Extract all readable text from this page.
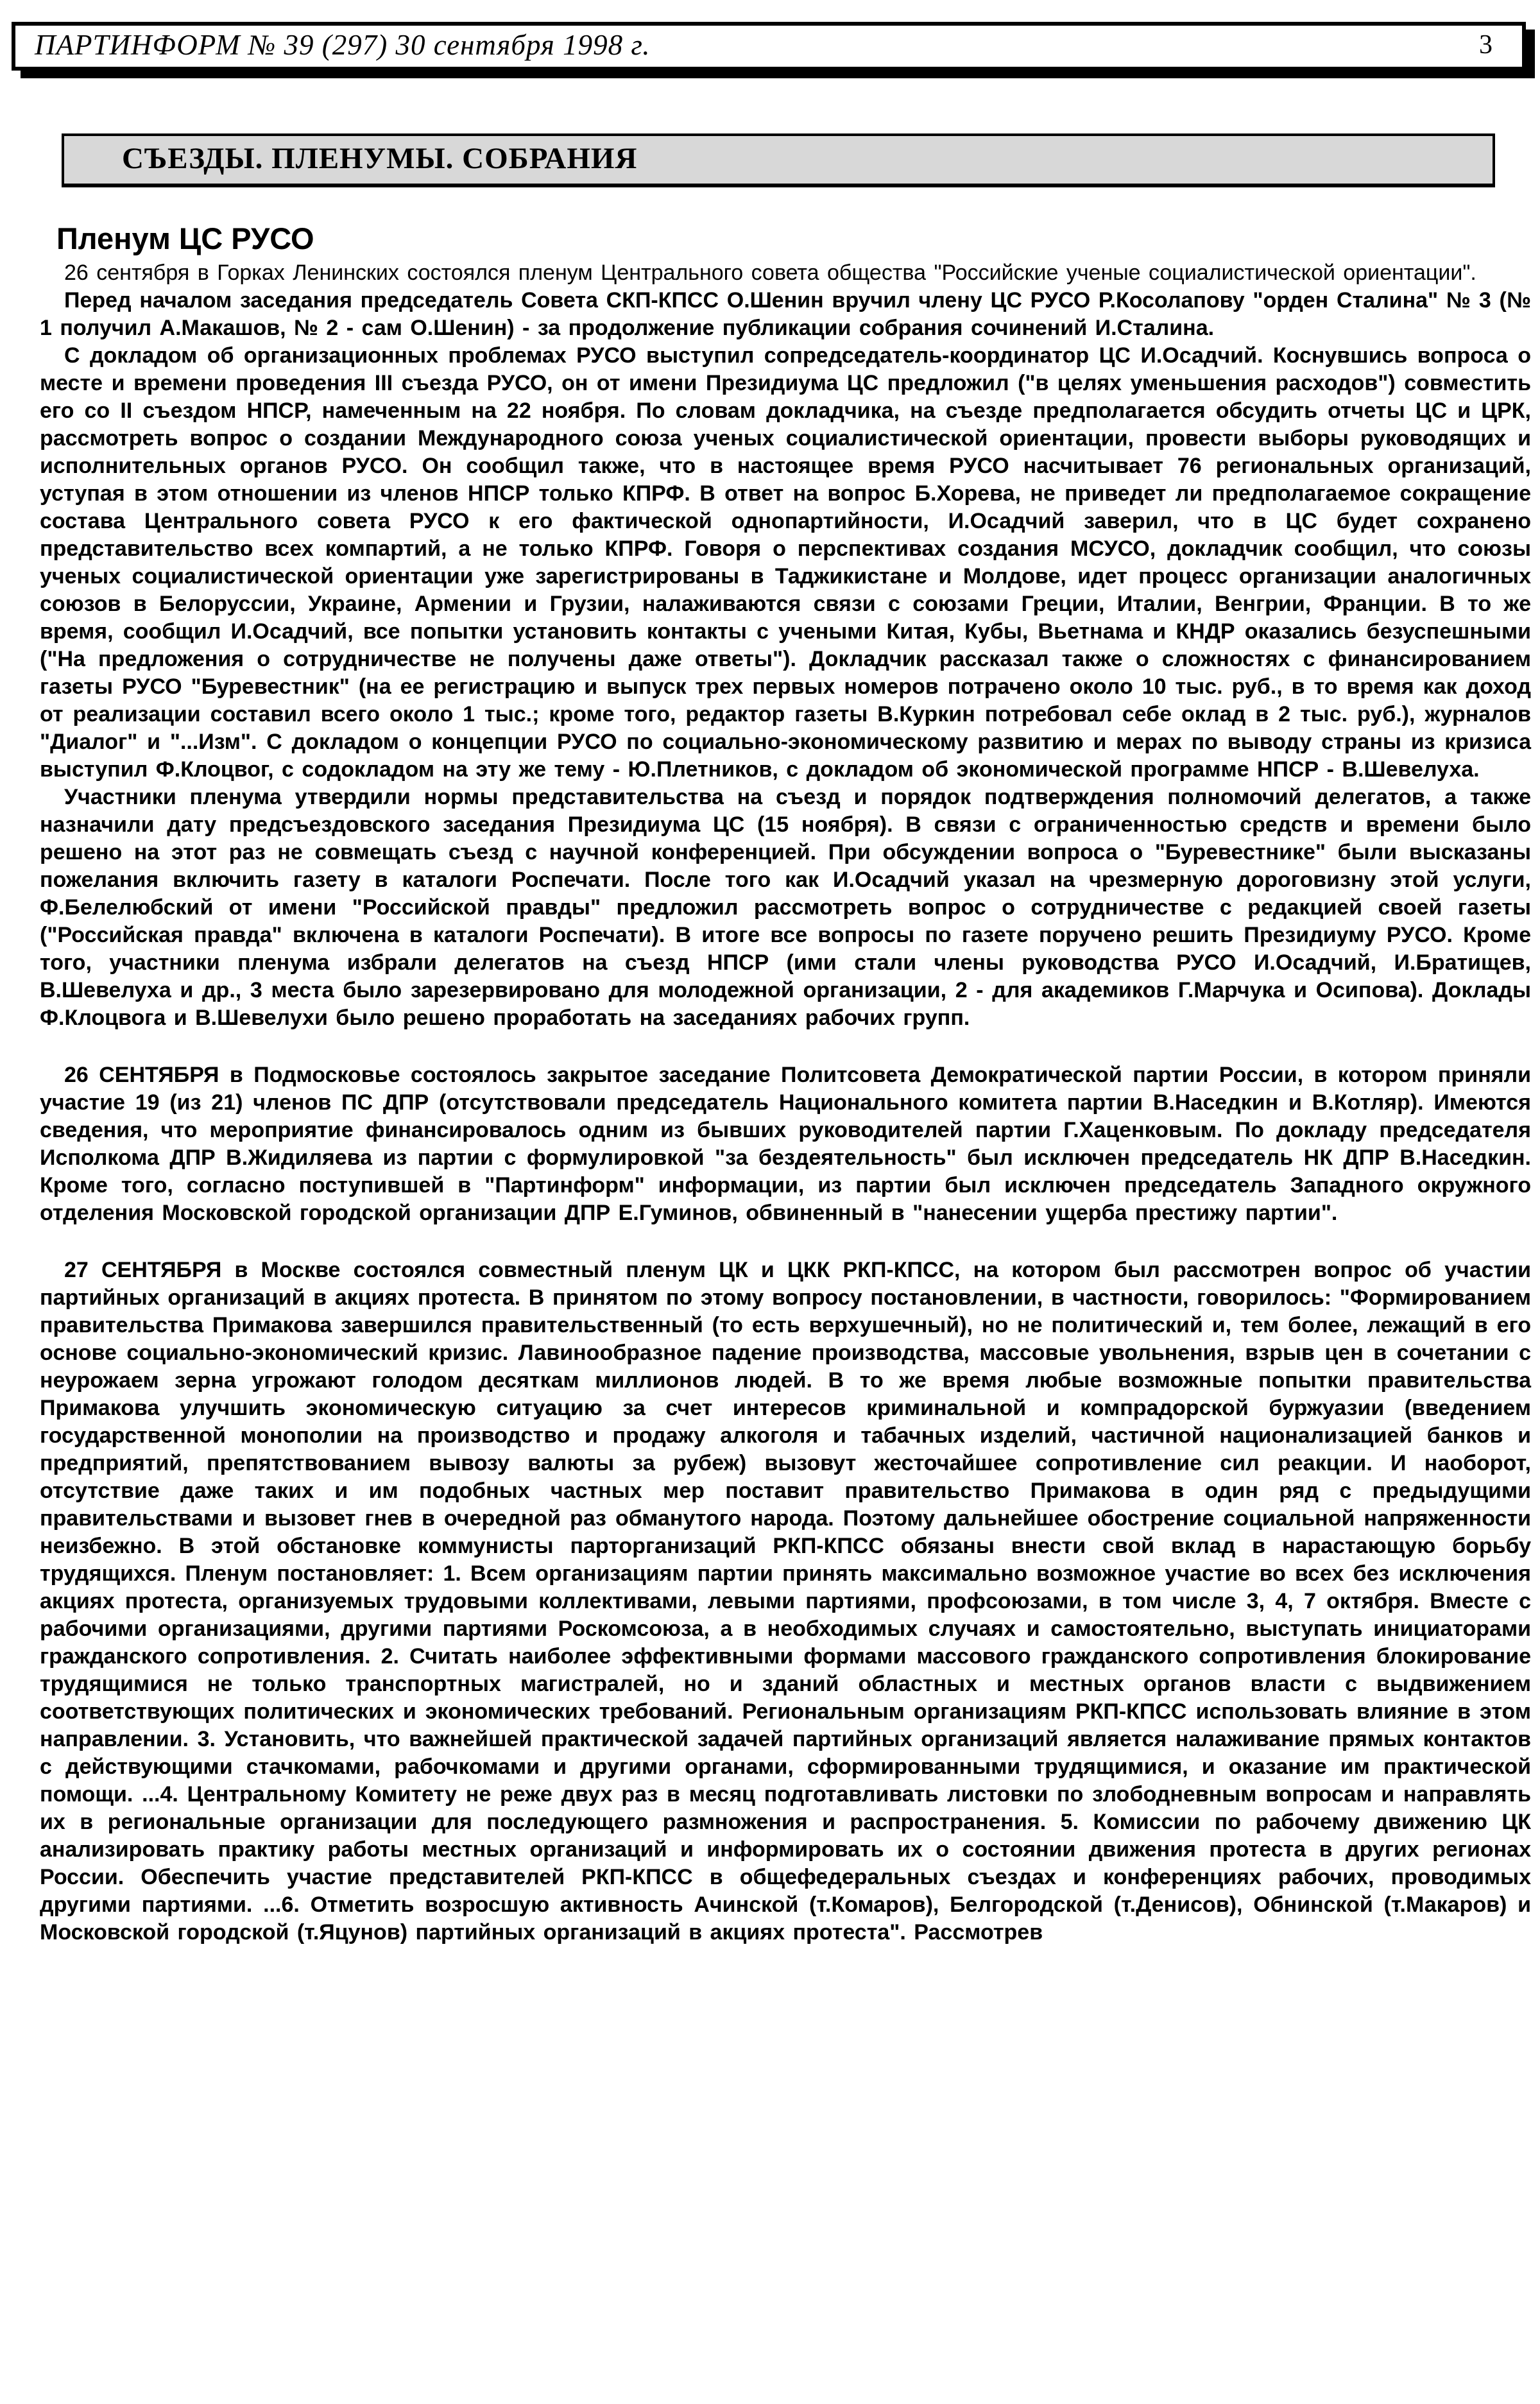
ПАРТИНФОРМ № 39 (297) 30 сентября 1998 г.	3
СЪЕЗДЫ. ПЛЕНУМЫ. СОБРАНИЯ
Пленум ЦС РУСО

26 сентября в Горках Ленинских состоялся пленум Центрального совета общества "Российские ученые социалистической ориентации".

Перед началом заседания председатель Совета СКП-КПСС О.Шенин вручил члену ЦС РУСО Р.Косолапову "орден Сталина" № 3 (№ 1 получил А.Макашов, № 2 - сам О.Шенин) - за продолжение публикации собрания сочинений И.Сталина.

С докладом об организационных проблемах РУСО выступил сопредседатель-координатор ЦС И.Осадчий. Коснувшись вопроса о месте и времени проведения III съезда РУСО, он от имени Президиума ЦС предложил ("в целях уменьшения расходов") совместить его со II съездом НПСР, намеченным на 22 ноября. По словам докладчика, на съезде предполагается обсудить отчеты ЦС и ЦРК, рассмотреть вопрос о создании Международного союза ученых социалистической ориентации, провести выборы руководящих и исполнительных органов РУСО. Он сообщил также, что в настоящее время РУСО насчитывает 76 региональных организаций, уступая в этом отношении из членов НПСР только КПРФ. В ответ на вопрос Б.Хорева, не приведет ли предполагаемое сокращение состава Центрального совета РУСО к его фактической однопартийности, И.Осадчий заверил, что в ЦС будет сохранено представительство всех компартий, а не только КПРФ. Говоря о перспективах создания МСУСО, докладчик сообщил, что союзы ученых социалистической ориентации уже зарегистрированы в Таджикистане и Молдове, идет процесс организации аналогичных союзов в Белоруссии, Украине, Армении и Грузии, налаживаются связи с союзами Греции, Италии, Венгрии, Франции. В то же время, сообщил И.Осадчий, все попытки установить контакты с учеными Китая, Кубы, Вьетнама и КНДР оказались безуспешными ("На предложения о сотрудничестве не получены даже ответы"). Докладчик рассказал также о сложностях с финансированием газеты РУСО "Буревестник" (на ее регистрацию и выпуск трех первых номеров потрачено около 10 тыс. руб., в то время как доход от реализации составил всего около 1 тыс.; кроме того, редактор газеты В.Куркин потребовал себе оклад в 2 тыс. руб.), журналов "Диалог" и "...Изм". С докладом о концепции РУСО по социально-экономическому развитию и мерах по выводу страны из кризиса выступил Ф.Клоцвог, с содокладом на эту же тему - Ю.Плетников, с докладом об экономической программе НПСР - В.Шевелуха.

Участники пленума утвердили нормы представительства на съезд и порядок подтверждения полномочий делегатов, а также назначили дату предсъездовского заседания Президиума ЦС (15 ноября). В связи с ограниченностью средств и времени было решено на этот раз не совмещать съезд с научной конференцией. При обсуждении вопроса о "Буревестнике" были высказаны пожелания включить газету в каталоги Роспечати. После того как И.Осадчий указал на чрезмерную дороговизну этой услуги, Ф.Белелюбский от имени "Российской правды" предложил рассмотреть вопрос о сотрудничестве с редакцией своей газеты ("Российская правда" включена в каталоги Роспечати). В итоге все вопросы по газете поручено решить Президиуму РУСО. Кроме того, участники пленума избрали делегатов на съезд НПСР (ими стали члены руководства РУСО И.Осадчий, И.Братищев, В.Шевелуха и др., 3 места было зарезервировано для молодежной организации, 2 - для академиков Г.Марчука и Осипова). Доклады Ф.Клоцвога и В.Шевелухи было решено проработать на заседаниях рабочих групп.

26 СЕНТЯБРЯ в Подмосковье состоялось закрытое заседание Политсовета Демократической партии России, в котором приняли участие 19 (из 21) членов ПС ДПР (отсутствовали председатель Национального комитета партии В.Наседкин и В.Котляр). Имеются сведения, что мероприятие финансировалось одним из бывших руководителей партии Г.Хаценковым. По докладу председателя Исполкома ДПР В.Жидиляева из партии с формулировкой "за бездеятельность" был исключен председатель НК ДПР В.Наседкин. Кроме того, согласно поступившей в "Партинформ" информации, из партии был исключен председатель Западного окружного отделения Московской городской организации ДПР Е.Гуминов, обвиненный в "нанесении ущерба престижу партии".

27 СЕНТЯБРЯ в Москве состоялся совместный пленум ЦК и ЦКК РКП-КПСС, на котором был рассмотрен вопрос об участии партийных организаций в акциях протеста. В принятом по этому вопросу постановлении, в частности, говорилось: "Формированием правительства Примакова завершился правительственный (то есть верхушечный), но не политический и, тем более, лежащий в его основе социально-экономический кризис. Лавинообразное падение производства, массовые увольнения, взрыв цен в сочетании с неурожаем зерна угрожают голодом десяткам миллионов людей. В то же время любые возможные попытки правительства Примакова улучшить экономическую ситуацию за счет интересов криминальной и компрадорской буржуазии (введением государственной монополии на производство и продажу алкоголя и табачных изделий, частичной национализацией банков и предприятий, препятствованием вывозу валюты за рубеж) вызовут жесточайшее сопротивление сил реакции. И наоборот, отсутствие даже таких и им подобных частных мер поставит правительство Примакова в один ряд с предыдущими правительствами и вызовет гнев в очередной раз обманутого народа. Поэтому дальнейшее обострение социальной напряженности неизбежно. В этой обстановке коммунисты парторганизаций РКП-КПСС обязаны внести свой вклад в нарастающую борьбу трудящихся. Пленум постановляет: 1. Всем организациям партии принять максимально возможное участие во всех без исключения акциях протеста, организуемых трудовыми коллективами, левыми партиями, профсоюзами, в том числе 3, 4, 7 октября. Вместе с рабочими организациями, другими партиями Роскомсоюза, а в необходимых случаях и самостоятельно, выступать инициаторами гражданского сопротивления. 2. Считать наиболее эффективными формами массового гражданского сопротивления блокирование трудящимися не только транспортных магистралей, но и зданий областных и местных органов власти с выдвижением соответствующих политических и экономических требований. Региональным организациям РКП-КПСС использовать влияние в этом направлении. 3. Установить, что важнейшей практической задачей партийных организаций является налаживание прямых контактов с действующими стачкомами, рабочкомами и другими органами, сформированными трудящимися, и оказание им практической помощи. ...4. Центральному Комитету не реже двух раз в месяц подготавливать листовки по злободневным вопросам и направлять их в региональные организации для последующего размножения и распространения. 5. Комиссии по рабочему движению ЦК анализировать практику работы местных организаций и информировать их о состоянии движения протеста в других регионах России. Обеспечить участие представителей РКП-КПСС в общефедеральных съездах и конференциях рабочих, проводимых другими партиями. ...6. Отметить возросшую активность Ачинской (т.Комаров), Белгородской (т.Денисов), Обнинской (т.Макаров) и Московской городской (т.Яцунов) партийных организаций в акциях протеста". Рассмотрев
